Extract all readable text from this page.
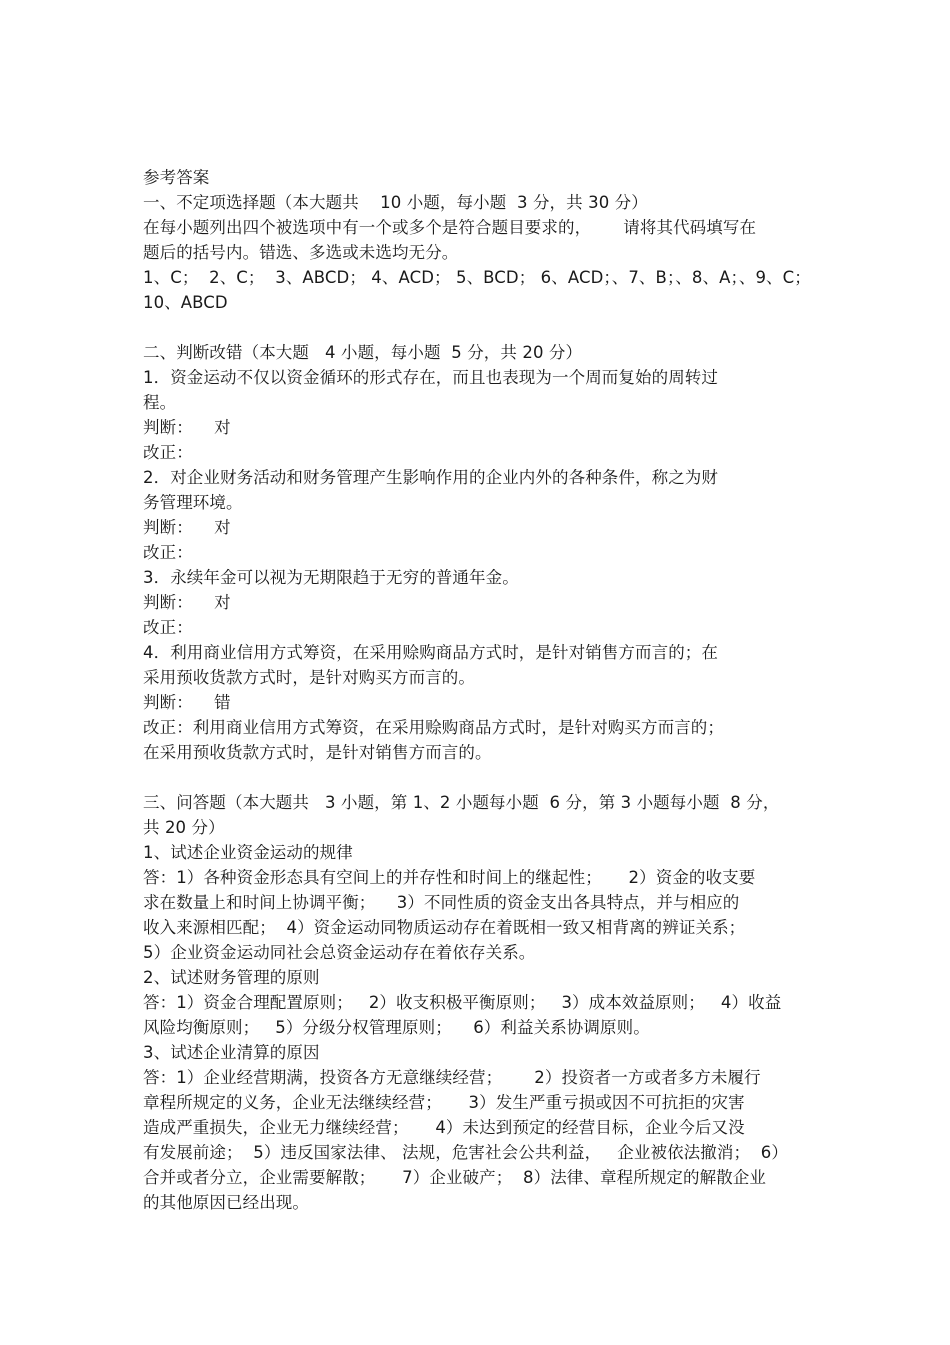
参考答案
一、不定项选择题（本大题共    10 小题，每小题  3 分，共 30 分）
在每小题列出四个被选项中有一个或多个是符合题目要求的，      请将其代码填写在
题后的括号内。错选、多选或未选均无分。
1、C；  2、C；  3、ABCD； 4、ACD； 5、BCD； 6、ACD；、7、B；、8、A；、9、C；
10、ABCD
二、判断改错（本大题   4 小题，每小题  5 分，共 20 分）
1．资金运动不仅以资金循环的形式存在，而且也表现为一个周而复始的周转过
程。
判断：    对
改正：
2．对企业财务活动和财务管理产生影响作用的企业内外的各种条件，称之为财
务管理环境。
判断：    对
改正：
3．永续年金可以视为无期限趋于无穷的普通年金。
判断：    对
改正：
4．利用商业信用方式筹资，在采用赊购商品方式时，是针对销售方而言的；在
采用预收货款方式时，是针对购买方而言的。
判断：    错
改正：利用商业信用方式筹资，在采用赊购商品方式时，是针对购买方而言的；
在采用预收货款方式时，是针对销售方而言的。
三、问答题（本大题共   3 小题，第 1、2 小题每小题  6 分，第 3 小题每小题  8 分，
共 20 分）
1、试述企业资金运动的规律
答：1）各种资金形态具有空间上的并存性和时间上的继起性；     2）资金的收支要
求在数量上和时间上协调平衡；    3）不同性质的资金支出各具特点，并与相应的
收入来源相匹配；  4）资金运动同物质运动存在着既相一致又相背离的辨证关系；
5）企业资金运动同社会总资金运动存在着依存关系。
2、试述财务管理的原则
答：1）资金合理配置原则；   2）收支积极平衡原则；   3）成本效益原则；   4）收益
风险均衡原则；   5）分级分权管理原则；    6）利益关系协调原则。
3、试述企业清算的原因
答：1）企业经营期满，投资各方无意继续经营；      2）投资者一方或者多方未履行
章程所规定的义务，企业无法继续经营；     3）发生严重亏损或因不可抗拒的灾害
造成严重损失，企业无力继续经营；     4）未达到预定的经营目标，企业今后又没
有发展前途；  5）违反国家法律、 法规，危害社会公共利益，   企业被依法撤消；  6）
合并或者分立，企业需要解散；     7）企业破产；  8）法律、章程所规定的解散企业
的其他原因已经出现。
